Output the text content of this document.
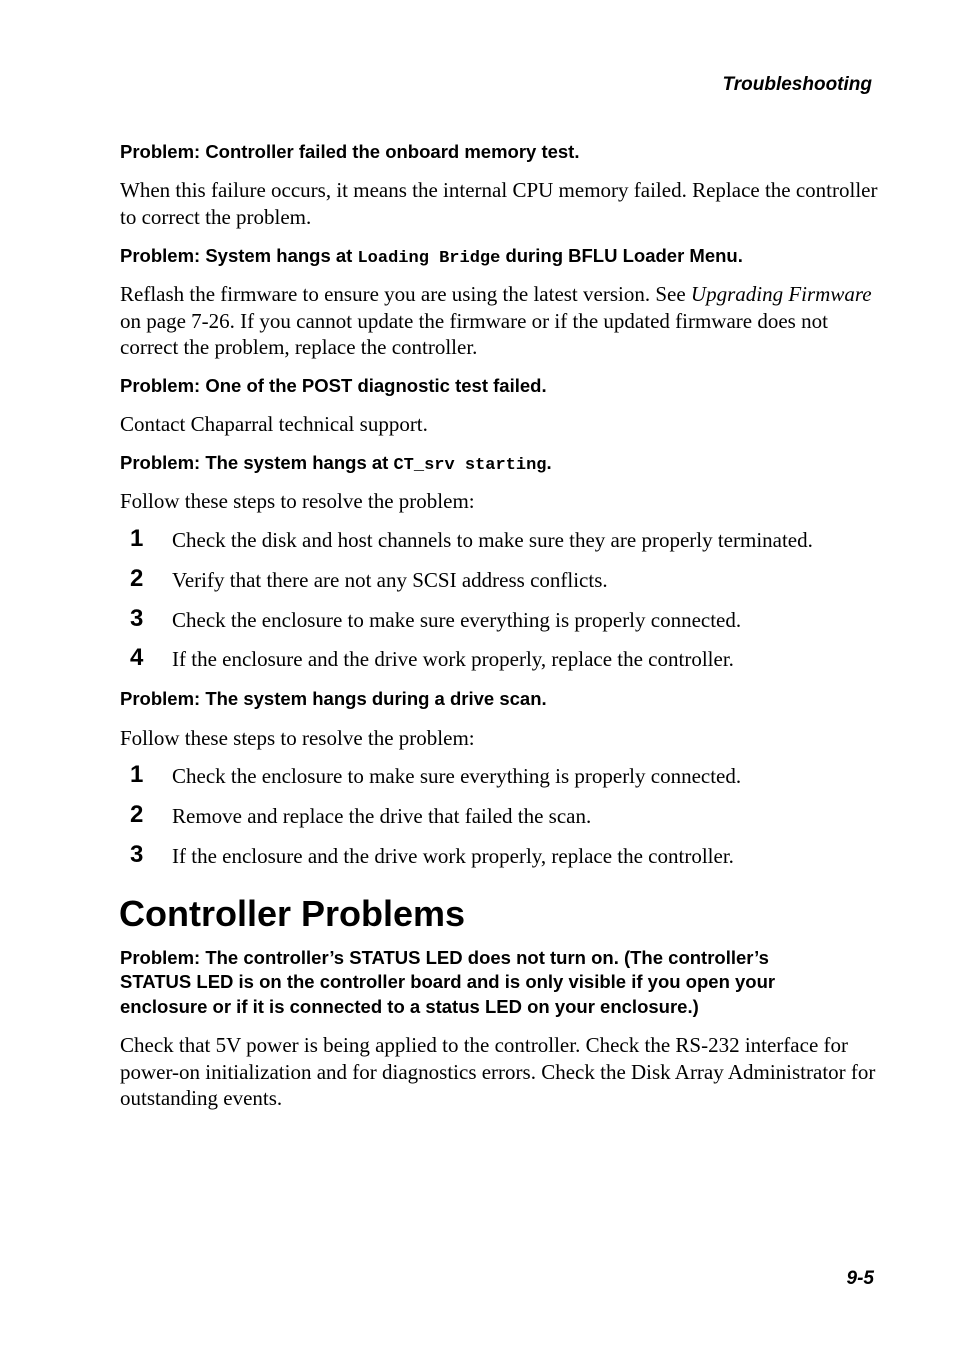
Troubleshooting
Problem: Controller failed the onboard memory test.
When this failure occurs, it means the internal CPU memory failed. Replace the controller to correct the problem.
Problem: System hangs at Loading Bridge during BFLU Loader Menu.
Reflash the firmware to ensure you are using the latest version. See Upgrading Firmware on page 7-26. If you cannot update the firmware or if the updated firmware does not correct the problem, replace the controller.
Problem: One of the POST diagnostic test failed.
Contact Chaparral technical support.
Problem: The system hangs at CT_srv starting.
Follow these steps to resolve the problem:
1 Check the disk and host channels to make sure they are properly terminated.
2 Verify that there are not any SCSI address conflicts.
3 Check the enclosure to make sure everything is properly connected.
4 If the enclosure and the drive work properly, replace the controller.
Problem: The system hangs during a drive scan.
Follow these steps to resolve the problem:
1 Check the enclosure to make sure everything is properly connected.
2 Remove and replace the drive that failed the scan.
3 If the enclosure and the drive work properly, replace the controller.
Controller Problems
Problem: The controller’s STATUS LED does not turn on. (The controller’s
STATUS LED is on the controller board and is only visible if you open your
enclosure or if it is connected to a status LED on your enclosure.)
Check that 5V power is being applied to the controller. Check the RS-232 interface for power-on initialization and for diagnostics errors. Check the Disk Array Administrator for outstanding events.
9-5
